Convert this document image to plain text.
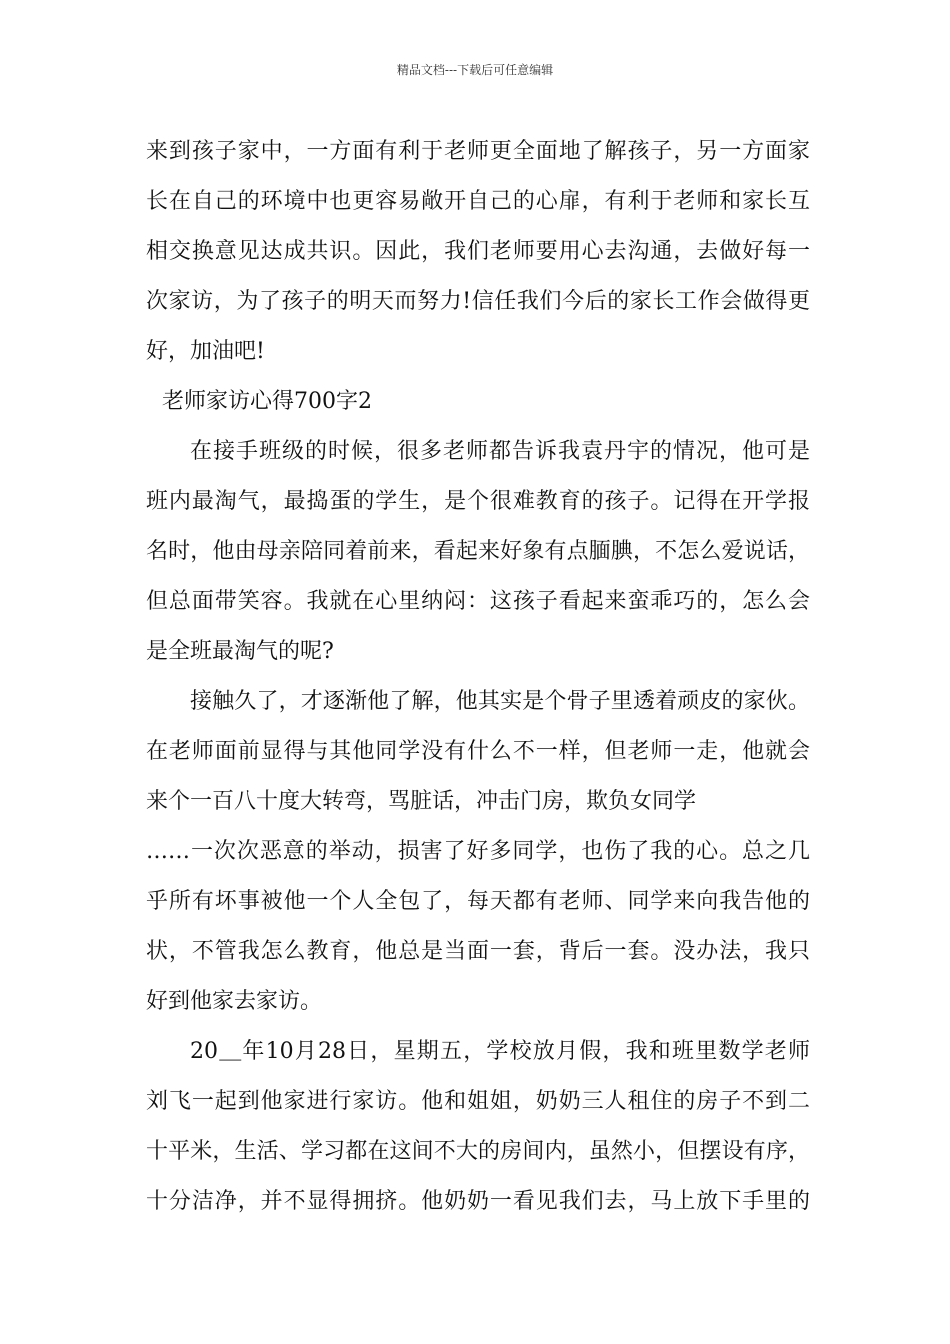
精品文档---下载后可任意编辑
来到孩子家中，一方面有利于老师更全面地了解孩子，另一方面家
长在自己的环境中也更容易敞开自己的心扉，有利于老师和家长互
相交换意见达成共识。因此，我们老师要用心去沟通，去做好每一
次家访，为了孩子的明天而努力!信任我们今后的家长工作会做得更
好，加油吧!
老师家访心得700字2
在接手班级的时候，很多老师都告诉我袁丹宇的情况，他可是
班内最淘气，最捣蛋的学生，是个很难教育的孩子。记得在开学报
名时，他由母亲陪同着前来，看起来好象有点腼腆，不怎么爱说话，
但总面带笑容。我就在心里纳闷：这孩子看起来蛮乖巧的，怎么会
是全班最淘气的呢?
接触久了，才逐渐他了解，他其实是个骨子里透着顽皮的家伙。
在老师面前显得与其他同学没有什么不一样，但老师一走，他就会
来个一百八十度大转弯，骂脏话，冲击门房，欺负女同学
……一次次恶意的举动，损害了好多同学，也伤了我的心。总之几
乎所有坏事被他一个人全包了，每天都有老师、同学来向我告他的
状，不管我怎么教育，他总是当面一套，背后一套。没办法，我只
好到他家去家访。
20＿年10月28日，星期五，学校放月假，我和班里数学老师
刘飞一起到他家进行家访。他和姐姐，奶奶三人租住的房子不到二
十平米，生活、学习都在这间不大的房间内，虽然小，但摆设有序，
十分洁净，并不显得拥挤。他奶奶一看见我们去，马上放下手里的
